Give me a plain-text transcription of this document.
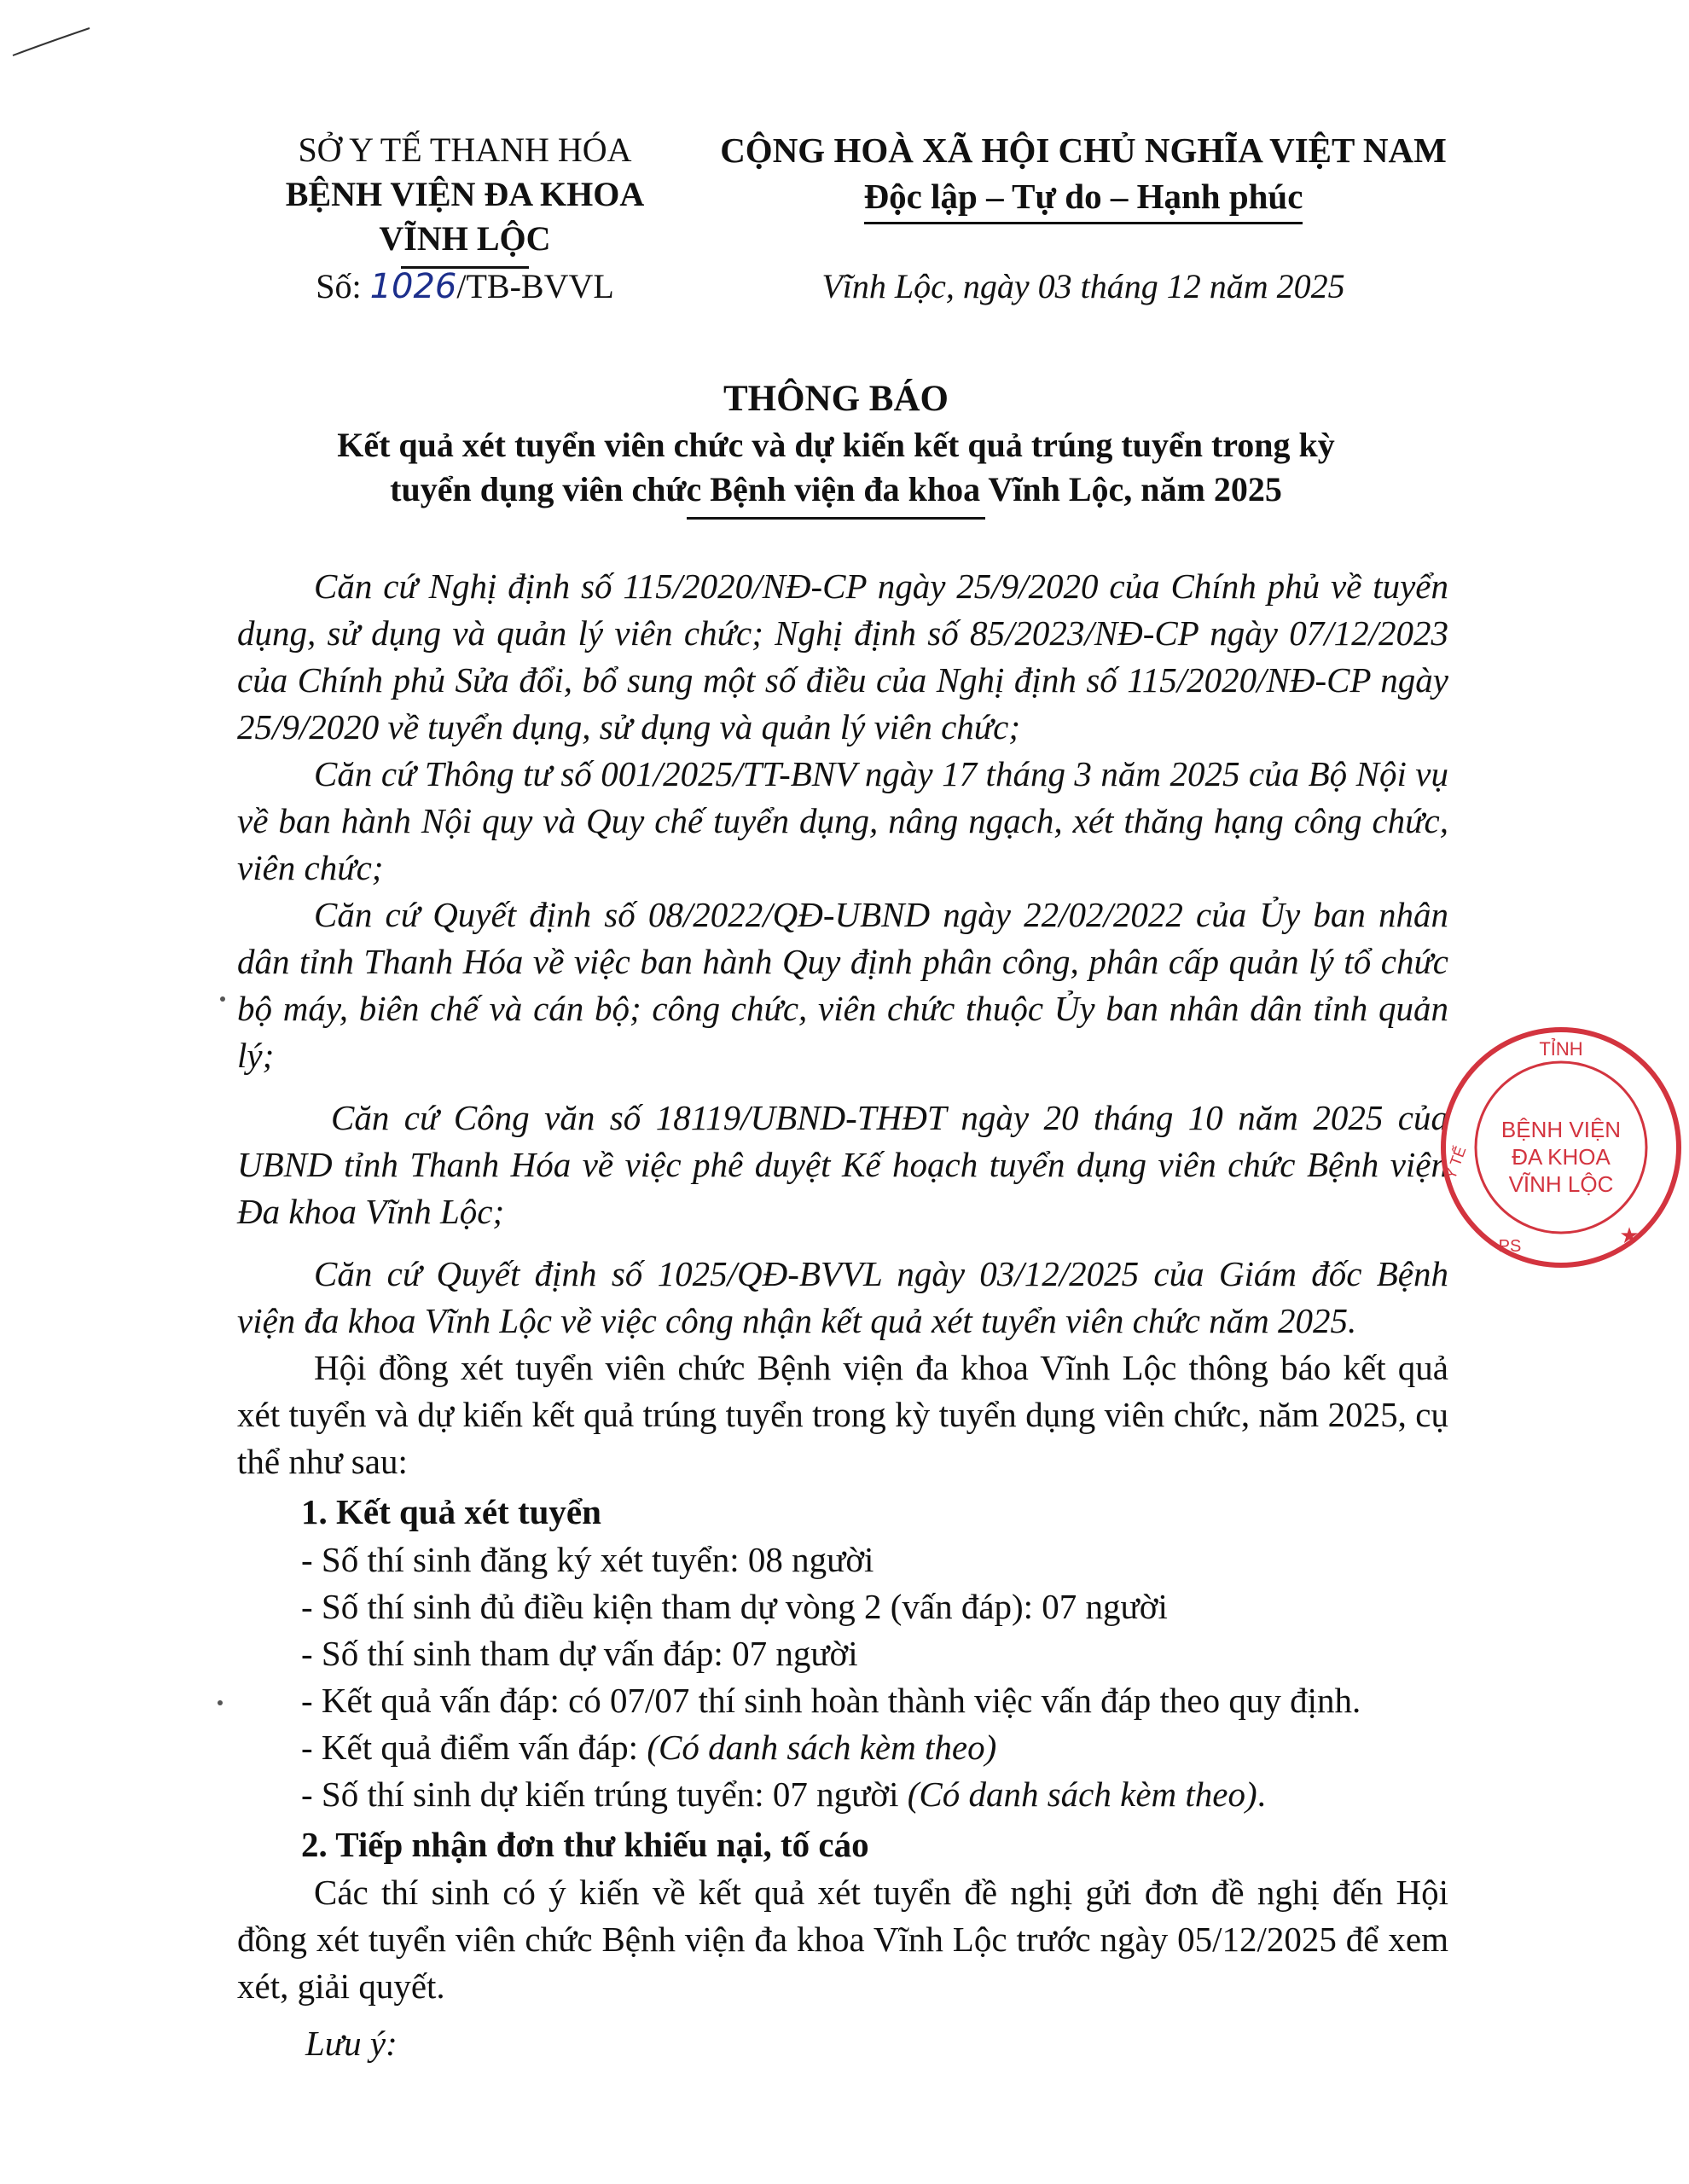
SỞ Y TẾ THANH HÓA
BỆNH VIỆN ĐA KHOA
VĨNH LỘC
CỘNG HOÀ XÃ HỘI CHỦ NGHĨA VIỆT NAM
Độc lập – Tự do – Hạnh phúc
Số: 1026/TB-BVVL	Vĩnh Lộc, ngày 03 tháng 12 năm 2025
THÔNG BÁO
Kết quả xét tuyển viên chức và dự kiến kết quả trúng tuyển trong kỳ
tuyển dụng viên chức Bệnh viện đa khoa Vĩnh Lộc, năm 2025

Căn cứ Nghị định số 115/2020/NĐ-CP ngày 25/9/2020 của Chính phủ về tuyển dụng, sử dụng và quản lý viên chức; Nghị định số 85/2023/NĐ-CP ngày 07/12/2023 của Chính phủ Sửa đổi, bổ sung một số điều của Nghị định số 115/2020/NĐ-CP ngày 25/9/2020 về tuyển dụng, sử dụng và quản lý viên chức;

Căn cứ Thông tư số 001/2025/TT-BNV ngày 17 tháng 3 năm 2025 của Bộ Nội vụ về ban hành Nội quy và Quy chế tuyển dụng, nâng ngạch, xét thăng hạng công chức, viên chức;

Căn cứ Quyết định số 08/2022/QĐ-UBND ngày 22/02/2022 của Ủy ban nhân dân tỉnh Thanh Hóa về việc ban hành Quy định phân công, phân cấp quản lý tổ chức bộ máy, biên chế và cán bộ; công chức, viên chức thuộc Ủy ban nhân dân tỉnh quản lý;

Căn cứ Công văn số 18119/UBND-THĐT ngày 20 tháng 10 năm 2025 của UBND tỉnh Thanh Hóa về việc phê duyệt Kế hoạch tuyển dụng viên chức Bệnh viện Đa khoa Vĩnh Lộc;

Căn cứ Quyết định số 1025/QĐ-BVVL ngày 03/12/2025 của Giám đốc Bệnh viện đa khoa Vĩnh Lộc về việc công nhận kết quả xét tuyển viên chức năm 2025.

Hội đồng xét tuyển viên chức Bệnh viện đa khoa Vĩnh Lộc thông báo kết quả xét tuyển và dự kiến kết quả trúng tuyển trong kỳ tuyển dụng viên chức, năm 2025, cụ thể như sau:

1. Kết quả xét tuyển
- Số thí sinh đăng ký xét tuyển: 08 người
- Số thí sinh đủ điều kiện tham dự vòng 2 (vấn đáp): 07 người
- Số thí sinh tham dự vấn đáp: 07 người
- Kết quả vấn đáp: có 07/07 thí sinh hoàn thành việc vấn đáp theo quy định.
- Kết quả điểm vấn đáp: (Có danh sách kèm theo)
- Số thí sinh dự kiến trúng tuyển: 07 người (Có danh sách kèm theo).
2. Tiếp nhận đơn thư khiếu nại, tố cáo

Các thí sinh có ý kiến về kết quả xét tuyển đề nghị gửi đơn đề nghị đến Hội đồng xét tuyển viên chức Bệnh viện đa khoa Vĩnh Lộc trước ngày 05/12/2025 để xem xét, giải quyết.

Lưu ý:
TỈNH
BỆNH VIỆN
ĐA KHOA
VĨNH LỘC
Y TẾ
PS	★
